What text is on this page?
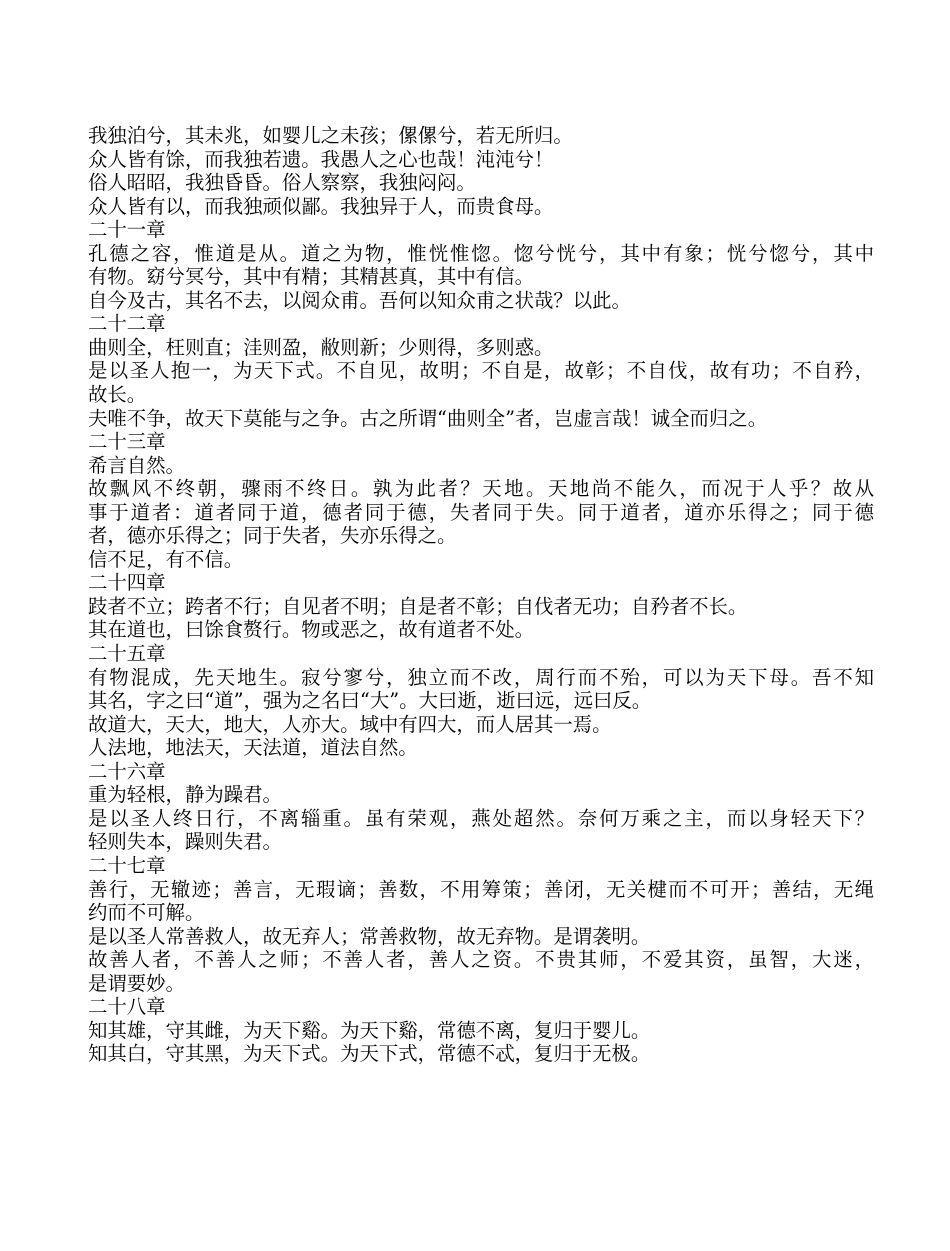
我独泊兮，其未兆，如婴儿之未孩；傫傫兮，若无所归。

众人皆有馀，而我独若遗。我愚人之心也哉！沌沌兮！

俗人昭昭，我独昏昏。俗人察察，我独闷闷。

众人皆有以，而我独顽似鄙。我独异于人，而贵食母。

二十一章
孔德之容，惟道是从。道之为物，惟恍惟惚。惚兮恍兮，其中有象；恍兮惚兮，其中
有物。窈兮冥兮，其中有精；其精甚真，其中有信。

自今及古，其名不去，以阅众甫。吾何以知众甫之状哉？以此。

二十二章

曲则全，枉则直；洼则盈，敝则新；少则得，多则惑。

是以圣人抱一，为天下式。不自见，故明；不自是，故彰；不自伐，故有功；不自矜，
故长。

夫唯不争，故天下莫能与之争。古之所谓“曲则全”者，岂虚言哉！诚全而归之。

二十三章

希言自然。

故飘风不终朝，骤雨不终日。孰为此者？天地。天地尚不能久，而况于人乎？故从
事于道者：道者同于道，德者同于德，失者同于失。同于道者，道亦乐得之；同于德
者，德亦乐得之；同于失者，失亦乐得之。

信不足，有不信。

二十四章

跂者不立；跨者不行；自见者不明；自是者不彰；自伐者无功；自矜者不长。

其在道也，曰馀食赘行。物或恶之，故有道者不处。

二十五章
有物混成，先天地生。寂兮寥兮，独立而不改，周行而不殆，可以为天下母。吾不知
其名，字之曰“道”，强为之名曰“大”。大曰逝，逝曰远，远曰反。

故道大，天大，地大，人亦大。域中有四大，而人居其一焉。

人法地，地法天，天法道，道法自然。

二十六章

重为轻根，静为躁君。

是以圣人终日行，不离辎重。虽有荣观，燕处超然。奈何万乘之主，而以身轻天下？
轻则失本，躁则失君。
二十七章
善行，无辙迹；善言，无瑕谪；善数，不用筹策；善闭，无关楗而不可开；善结，无绳
约而不可解。

是以圣人常善救人，故无弃人；常善救物，故无弃物。是谓袭明。

故善人者，不善人之师；不善人者，善人之资。不贵其师，不爱其资，虽智，大迷，
是谓要妙。
二十八章

知其雄，守其雌，为天下谿。为天下谿，常德不离，复归于婴儿。

知其白，守其黑，为天下式。为天下式，常德不忒，复归于无极。
